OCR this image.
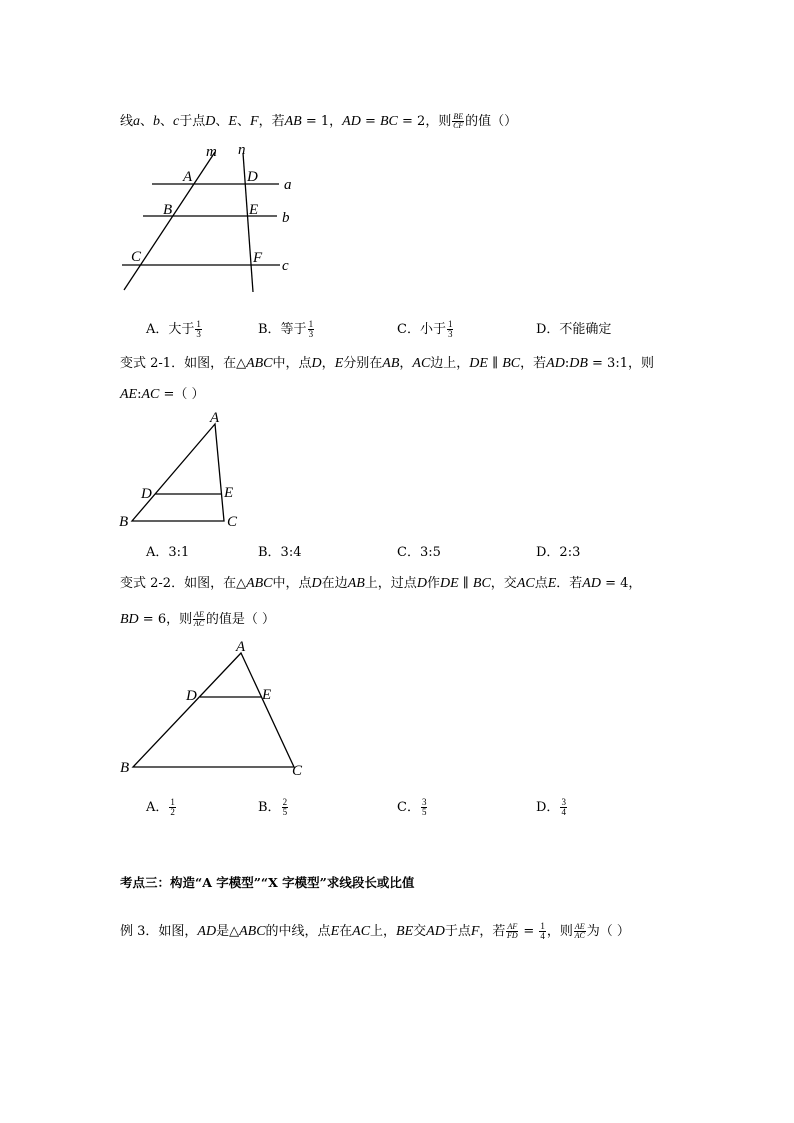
线a、b、c于点D、E、F，若AB = 1，AD = BC = 2，则 $\frac{BE}{CF}$ 的值（）
m n
A	D a
B	E b
C	F c
A．大于 $\frac{1}{3}$	B．等于 $\frac{1}{3}$	C．小于 $\frac{1}{3}$	D．不能确定
变式 2-1．如图，在△ABC中，点D，E分别在AB，AC边上，DE ∥ BC，若AD:DB = 3:1，则
AE:AC =（ ）
A
D	E
B	C
A．3:1	B．3:4	C．3:5	D．2:3
变式 2-2．如图，在△ABC中，点D在边AB上，过点D作DE ∥ BC，交AC点E．若AD = 4，
BD = 6，则 $\frac{AE}{AC}$ 的值是（ ）
A
D	E
B	C
A． $\frac{1}{2}$	B． $\frac{2}{5}$	C． $\frac{3}{5}$	D． $\frac{3}{4}$
考点三：构造“A 字模型”“X 字模型”求线段长或比值
例 3．如图，AD是△ABC的中线，点E在AC上，BE交AD于点F，若 $\frac{AF}{FD} = \frac{1}{4}$ ，则 $\frac{AE}{AC}$ 为（ ）
